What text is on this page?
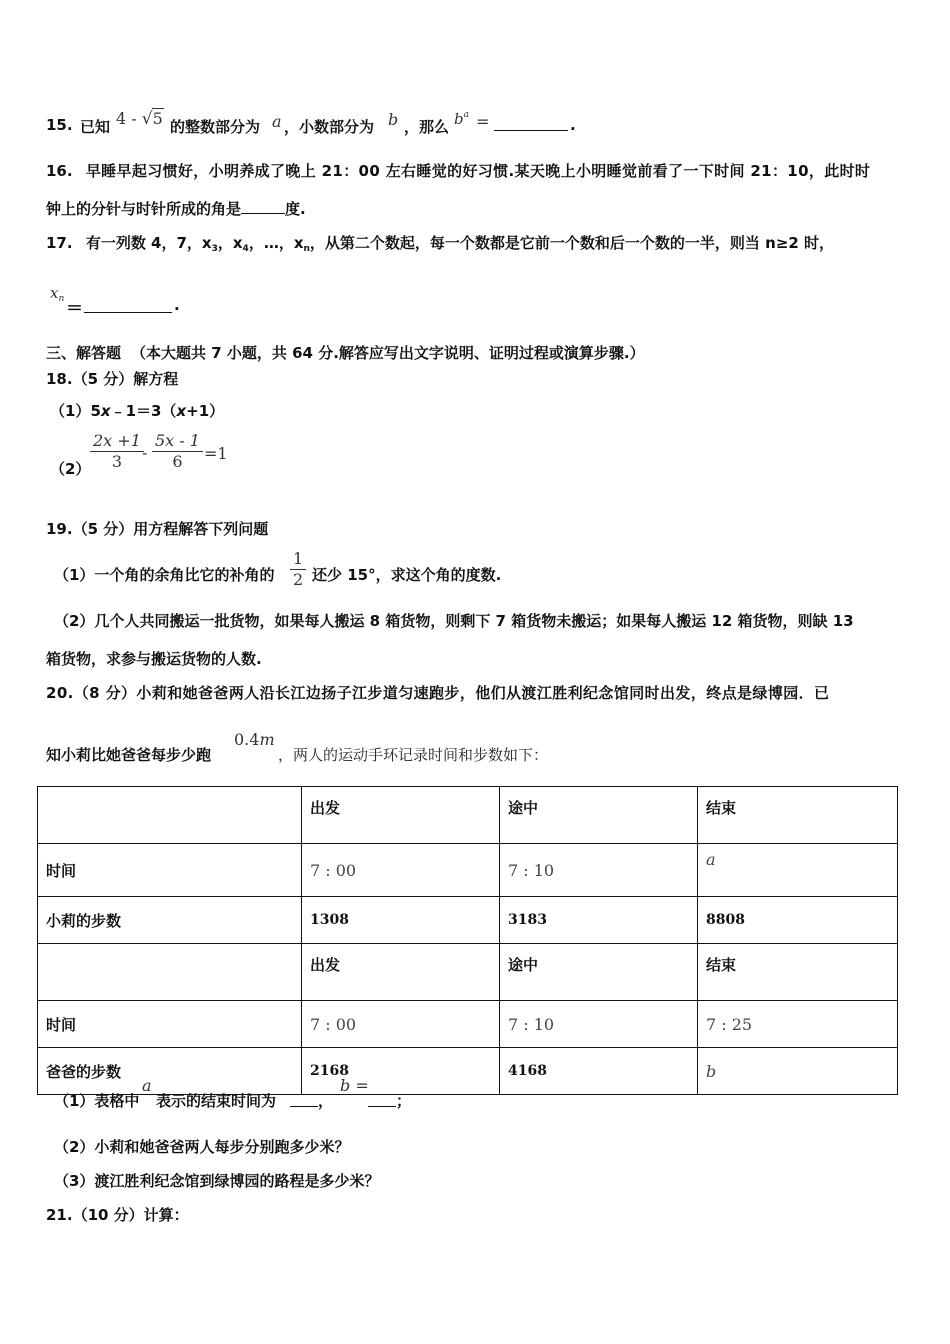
15. 已知 4 - √5 的整数部分为 a ，小数部分为 b ，那么 $b^a$ =	.
16. 早睡早起习惯好，小明养成了晚上 21：00 左右睡觉的好习惯.某天晚上小明睡觉前看了一下时间 21：10，此时时
钟上的分针与时针所成的角是	度.
17. 有一列数 4，7，$x_3$，$x_4$，…，$x_n$，从第二个数起，每一个数都是它前一个数和后一个数的一半，则当 n≥2 时，
$x_n$ ＝	.
三、解答题 （本大题共 7 小题，共 64 分.解答应写出文字说明、证明过程或演算步骤.）
18.（5 分）解方程
（1）5x﹣1＝3（x+1）
$(2) \frac{2x +1}{3}$
- $\frac{5x - 1}{6} =1$
19.（5 分）用方程解答下列问题
（1）一个角的余角比它的补角的 $\frac{1}{2}$ 还少 15°，求这个角的度数.
（2）几个人共同搬运一批货物，如果每人搬运 8 箱货物，则剩下 7 箱货物未搬运；如果每人搬运 12 箱货物，则缺 13
箱货物，求参与搬运货物的人数.
20.（8 分）小莉和她爸爸两人沿长江边扬子江步道匀速跑步，他们从渡江胜利纪念馆同时出发，终点是绿博园．已
知小莉比她爸爸每步少跑
0.4m
，两人的运动手环记录时间和步数如下：
	出发	途中	结束
时间	7 : 00	7 : 10	a
小莉的步数	1308	3183	8808
	出发	途中	结束
时间	7 : 00	7 : 10	7 : 25
爸爸的步数	2168	4168	b
（1）表格中
a
表示的结束时间为	，
b =
；
（2）小莉和她爸爸两人每步分别跑多少米？
（3）渡江胜利纪念馆到绿博园的路程是多少米？
21.（10 分）计算：
